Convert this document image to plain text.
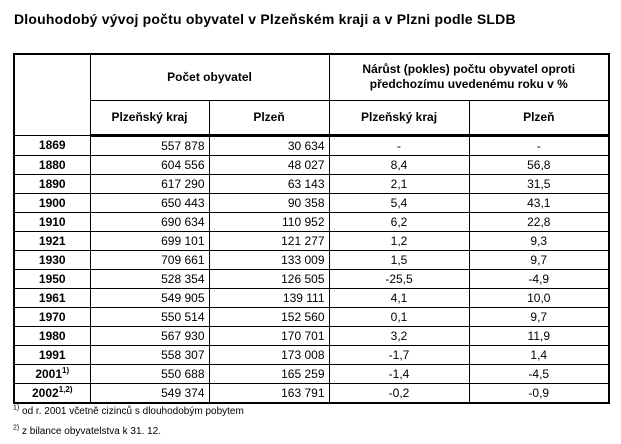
Dlouhodobý vývoj počtu obyvatel v Plzeňském kraji a v Plzni podle SLDB
	Počet obyvatel		Nárůst (pokles) počtu obyvatel oproti předchozímu uvedenému roku v %	
	Plzeňský kraj	Plzeň	Plzeňský kraj	Plzeň
1869	557 878	30 634	-	-
1880	604 556	48 027	8,4	56,8
1890	617 290	63 143	2,1	31,5
1900	650 443	90 358	5,4	43,1
1910	690 634	110 952	6,2	22,8
1921	699 101	121 277	1,2	9,3
1930	709 661	133 009	1,5	9,7
1950	528 354	126 505	-25,5	-4,9
1961	549 905	139 111	4,1	10,0
1970	550 514	152 560	0,1	9,7
1980	567 930	170 701	3,2	11,9
1991	558 307	173 008	-1,7	1,4
2001$^{1)}$	550 688	165 259	-1,4	-4,5
2002$^{1,2)}$	549 374	163 791	-0,2	-0,9

$^{1)}$ od r. 2001 včetně cizinců s dlouhodobým pobytem

$^{2)}$ z bilance obyvatelstva k 31. 12.
